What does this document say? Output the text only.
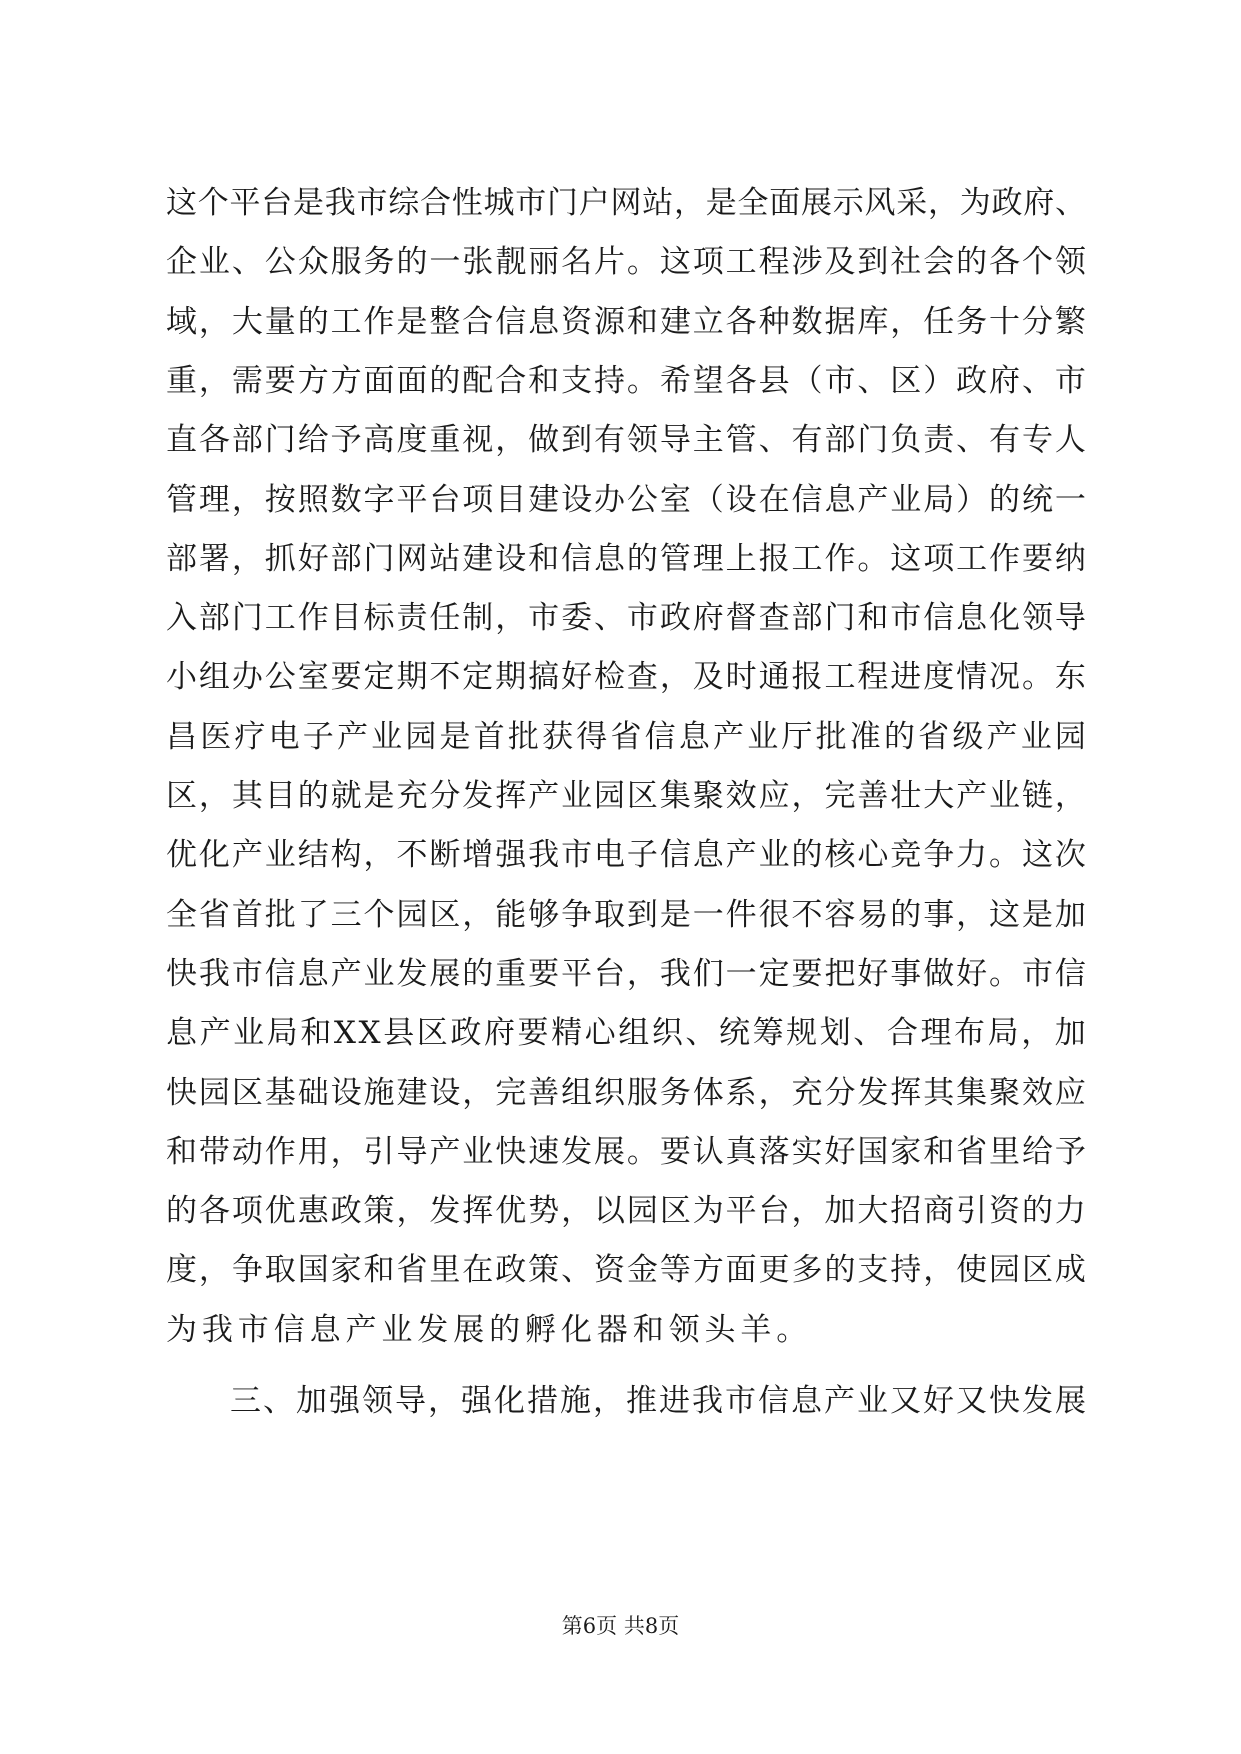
这 个 平 台 是 我 市 综 合 性 城 市 门 户 网 站 ， 是 全 面 展 示 风 采 ， 为 政 府 、
企 业 、 公 众 服 务 的 一 张 靓 丽 名 片 。 这 项 工 程 涉 及 到 社 会 的 各 个 领
域 ， 大 量 的 工 作 是 整 合 信 息 资 源 和 建 立 各 种 数 据 库 ， 任 务 十 分 繁
重 ， 需 要 方 方 面 面 的 配 合 和 支 持 。 希 望 各 县 （ 市 、 区 ） 政 府 、 市
直 各 部 门 给 予 高 度 重 视 ， 做 到 有 领 导 主 管 、 有 部 门 负 责 、 有 专 人
管 理 ， 按 照 数 字 平 台 项 目 建 设 办 公 室 （ 设 在 信 息 产 业 局 ） 的 统 一
部 署 ， 抓 好 部 门 网 站 建 设 和 信 息 的 管 理 上 报 工 作 。 这 项 工 作 要 纳
入 部 门 工 作 目 标 责 任 制 ， 市 委 、 市 政 府 督 查 部 门 和 市 信 息 化 领 导
小 组 办 公 室 要 定 期 不 定 期 搞 好 检 查 ， 及 时 通 报 工 程 进 度 情 况 。 东
昌 医 疗 电 子 产 业 园 是 首 批 获 得 省 信 息 产 业 厅 批 准 的 省 级 产 业 园
区 ， 其 目 的 就 是 充 分 发 挥 产 业 园 区 集 聚 效 应 ， 完 善 壮 大 产 业 链 ，
优 化 产 业 结 构 ， 不 断 增 强 我 市 电 子 信 息 产 业 的 核 心 竞 争 力 。 这 次
全 省 首 批 了 三 个 园 区 ， 能 够 争 取 到 是 一 件 很 不 容 易 的 事 ， 这 是 加
快 我 市 信 息 产 业 发 展 的 重 要 平 台 ， 我 们 一 定 要 把 好 事 做 好 。 市 信
息 产 业 局 和 X X 县 区 政 府 要 精 心 组 织 、 统 筹 规 划 、 合 理 布 局 ， 加
快 园 区 基 础 设 施 建 设 ， 完 善 组 织 服 务 体 系 ， 充 分 发 挥 其 集 聚 效 应
和 带 动 作 用 ， 引 导 产 业 快 速 发 展 。 要 认 真 落 实 好 国 家 和 省 里 给 予
的 各 项 优 惠 政 策 ， 发 挥 优 势 ， 以 园 区 为 平 台 ， 加 大 招 商 引 资 的 力
度 ， 争 取 国 家 和 省 里 在 政 策 、 资 金 等 方 面 更 多 的 支 持 ， 使 园 区 成
为我市信息产业发展的孵化器和领头羊。
三 、 加 强 领 导 ， 强 化 措 施 ， 推 进 我 市 信 息 产 业 又 好 又 快 发 展
第6页 共8页
